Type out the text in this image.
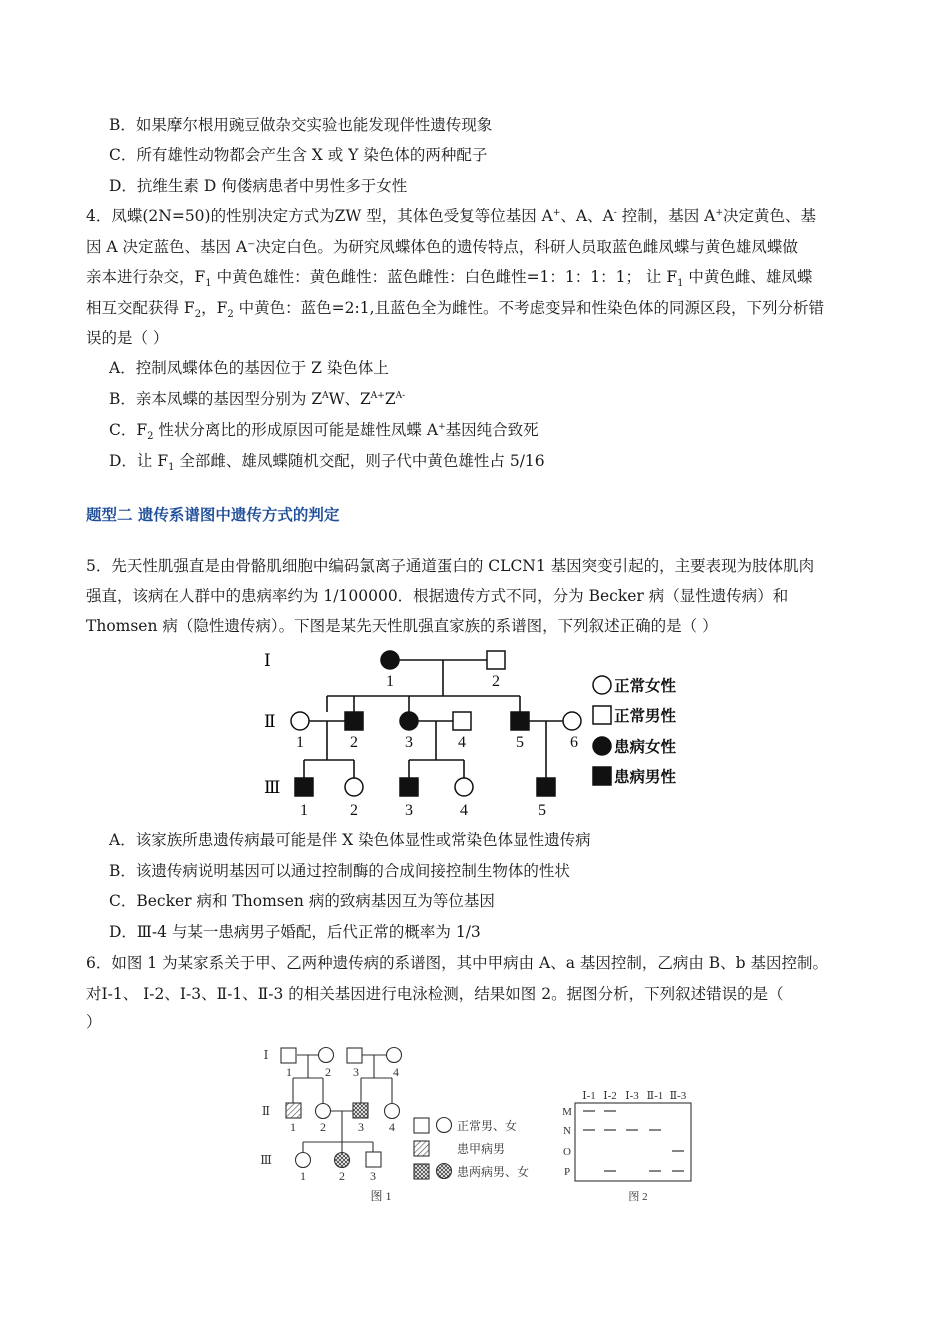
B．如果摩尔根用豌豆做杂交实验也能发现伴性遗传现象
C．所有雄性动物都会产生含 X 或 Y 染色体的两种配子
D．抗维生素 D 佝偻病患者中男性多于女性
4．凤蝶(2N=50)的性别决定方式为ZW 型，其体色受复等位基因 A+、A、A- 控制，基因 A+决定黄色、基
因 A 决定蓝色、基因 A⁻决定白色。为研究凤蝶体色的遗传特点，科研人员取蓝色雌凤蝶与黄色雄凤蝶做
亲本进行杂交，$F_1$ 中黄色雄性：黄色雌性：蓝色雌性：白色雌性=1：1：1：1； 让 $F_1$ 中黄色雌、雄凤蝶
相互交配获得 $F_2$，$F_2$ 中黄色：蓝色=2:1,且蓝色全为雌性。不考虑变异和性染色体的同源区段，下列分析错
误的是（ ）
A．控制凤蝶体色的基因位于 Z 染色体上
B．亲本凤蝶的基因型分别为 $Z^AW$、$Z^{A+}Z^{A-}$
C．$F_2$ 性状分离比的形成原因可能是雄性凤蝶 A+基因纯合致死
D．让 $F_1$ 全部雌、雄凤蝶随机交配，则子代中黄色雄性占 5/16
题型二 遗传系谱图中遗传方式的判定
5．先天性肌强直是由骨骼肌细胞中编码氯离子通道蛋白的 CLCN1 基因突变引起的，主要表现为肢体肌肉
强直，该病在人群中的患病率约为 1/100000．根据遗传方式不同，分为 Becker 病（显性遗传病）和
Thomsen 病（隐性遗传病）。下图是某先天性肌强直家族的系谱图，下列叙述正确的是（ ）
Ⅰ
Ⅱ
Ⅲ
1	2
1	2	3	4	5	6
1	2	3	4	5
正常女性
正常男性
患病女性
患病男性
A．该家族所患遗传病最可能是伴 X 染色体显性或常染色体显性遗传病
B．该遗传病说明基因可以通过控制酶的合成间接控制生物体的性状
C．Becker 病和 Thomsen 病的致病基因互为等位基因
D．Ⅲ-4 与某一患病男子婚配，后代正常的概率为 1/3
6．如图 1 为某家系关于甲、乙两种遗传病的系谱图，其中甲病由 A、a 基因控制，乙病由 B、b 基因控制。
对Ⅰ-1、 Ⅰ-2、Ⅰ-3、Ⅱ-1、Ⅱ-3 的相关基因进行电泳检测，结果如图 2。据图分析，下列叙述错误的是（
）
Ⅰ
Ⅱ
Ⅲ
1	2 3	4
1 2	3 4
1	2 3
图 1
正常男、女
患甲病男
患两病男、女
Ⅰ-1 Ⅰ-2 Ⅰ-3 Ⅱ-1 Ⅱ-3
M
N
O
P
图 2
